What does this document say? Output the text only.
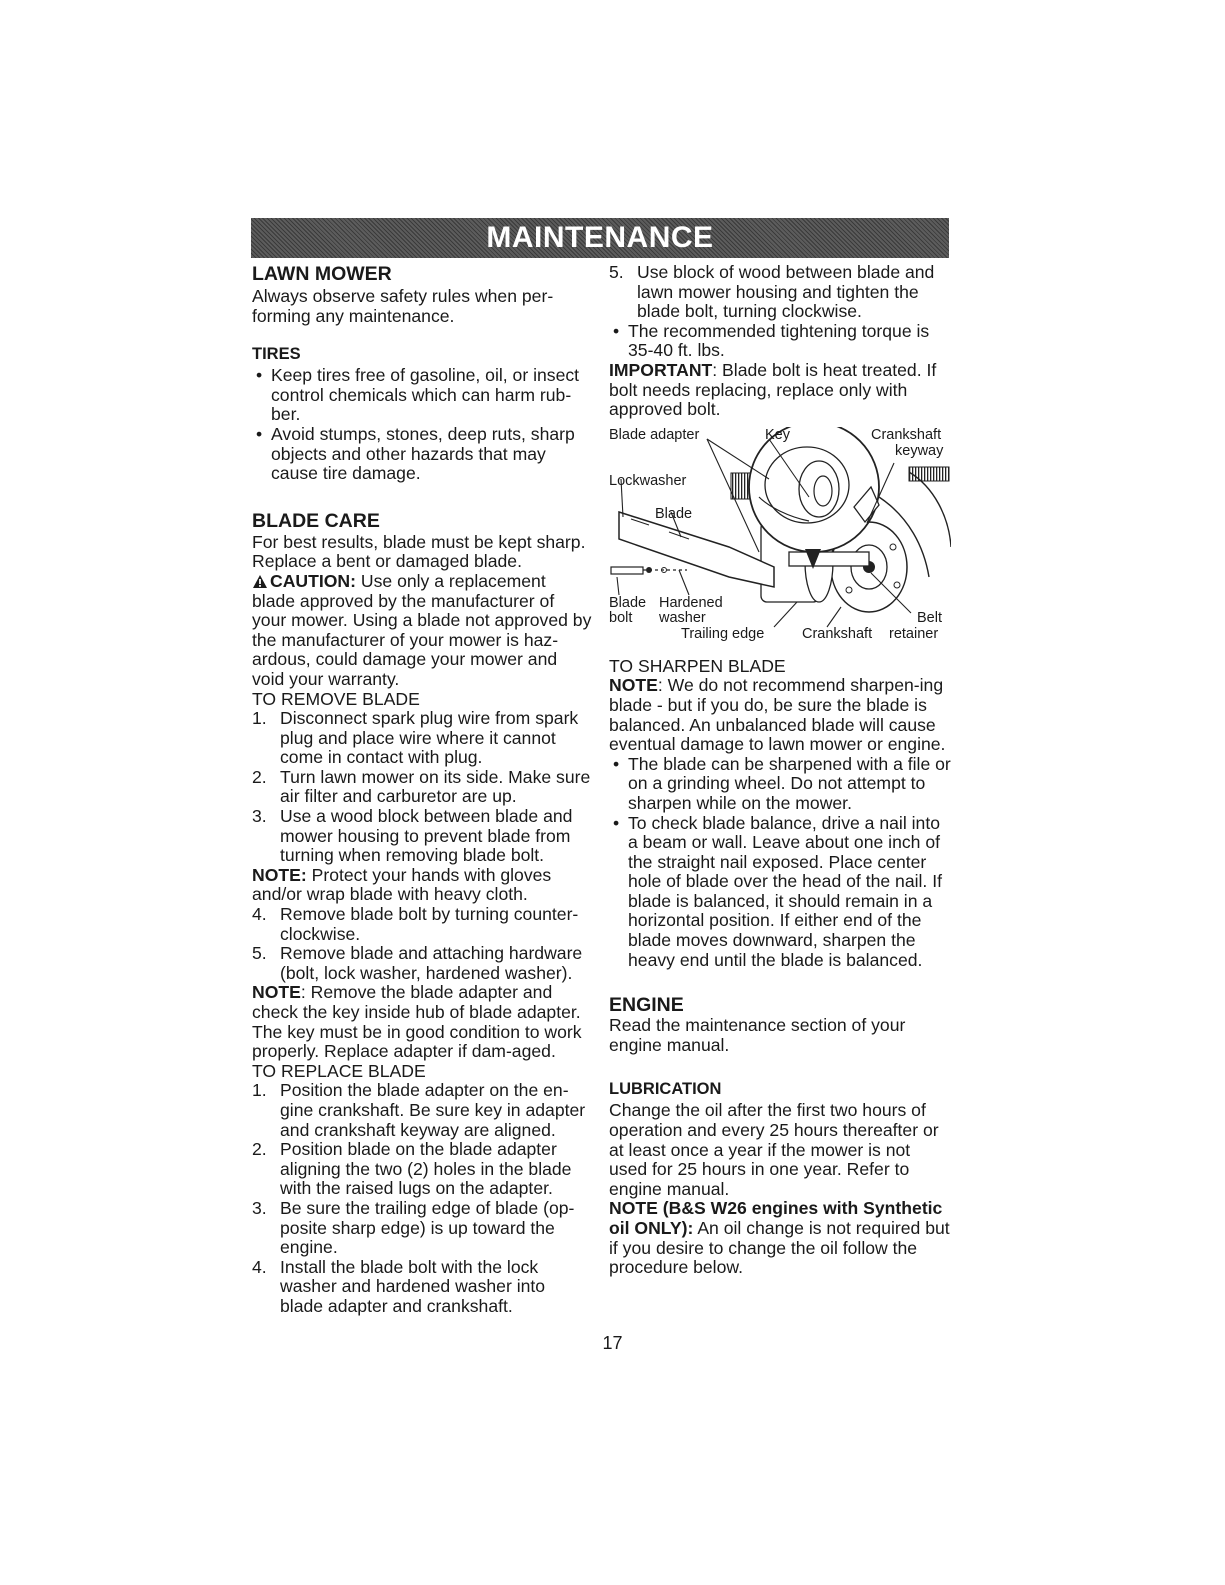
MAINTENANCE
LAWN MOWER

Always observe safety rules when per-forming any maintenance.

TIRES
• Keep tires free of gasoline, oil, or insect control chemicals which can harm rub-ber.
• Avoid stumps, stones, deep ruts, sharp objects and other hazards that may cause tire damage.
BLADE CARE

For best results, blade must be kept sharp. Replace a bent or damaged blade.

CAUTION: Use only a replacement blade approved by the manufacturer of your mower. Using a blade not approved by the manufacturer of your mower is haz-ardous, could damage your mower and void your warranty.

TO REMOVE BLADE
1. Disconnect spark plug wire from spark plug and place wire where it cannot come in contact with plug.
2. Turn lawn mower on its side. Make sure air filter and carburetor are up.
3. Use a wood block between blade and mower housing to prevent blade from turning when removing blade bolt.

NOTE: Protect your hands with gloves and/or wrap blade with heavy cloth.

4. Remove blade bolt by turning counter-clockwise.
5. Remove blade and attaching hardware (bolt, lock washer, hardened washer).

NOTE: Remove the blade adapter and check the key inside hub of blade adapter. The key must be in good condition to work properly. Replace adapter if dam-aged.

TO REPLACE BLADE
1. Position the blade adapter on the en-gine crankshaft. Be sure key in adapter and crankshaft keyway are aligned.
2. Position blade on the blade adapter aligning the two (2) holes in the blade with the raised lugs on the adapter.
3. Be sure the trailing edge of blade (op-posite sharp edge) is up toward the engine.
4. Install the blade bolt with the lock washer and hardened washer into blade adapter and crankshaft.
5. Use block of wood between blade and lawn mower housing and tighten the blade bolt, turning clockwise.
• The recommended tightening torque is 35-40 ft. lbs.

IMPORTANT: Blade bolt is heat treated. If bolt needs replacing, replace only with approved bolt.

Blade adapter	Key	Crankshaft
keyway
Lockwasher
Blade
Blade
bolt
Hardened
washer
Trailing edge	Crankshaft
Belt
retainer
TO SHARPEN BLADE

NOTE: We do not recommend sharpen-ing blade - but if you do, be sure the blade is balanced. An unbalanced blade will cause eventual damage to lawn mower or engine.

• The blade can be sharpened with a file or on a grinding wheel. Do not attempt to sharpen while on the mower.
• To check blade balance, drive a nail into a beam or wall. Leave about one inch of the straight nail exposed. Place center hole of blade over the head of the nail. If blade is balanced, it should remain in a horizontal position. If either end of the blade moves downward, sharpen the heavy end until the blade is balanced.
ENGINE

Read the maintenance section of your engine manual.

LUBRICATION

Change the oil after the first two hours of operation and every 25 hours thereafter or at least once a year if the mower is not used for 25 hours in one year. Refer to engine manual.

NOTE (B&S W26 engines with Synthetic oil ONLY): An oil change is not required but if you desire to change the oil follow the procedure below.

17
